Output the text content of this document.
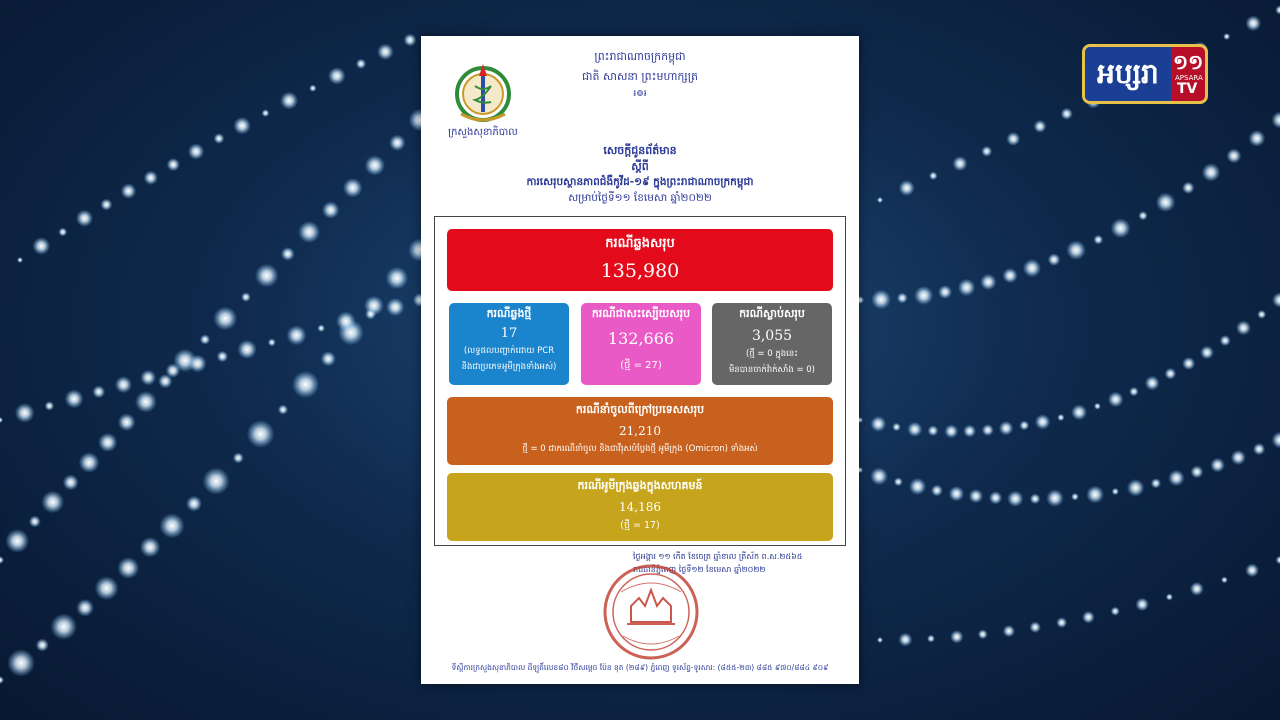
អប្សរា ១១
APSARA
TV
ក្រសួងសុខាភិបាល
ព្រះរាជាណាចក្រកម្ពុជា
ជាតិ សាសនា ព្រះមហាក្សត្រ
៛៙៛
សេចក្តីជូនព័ត៌មាន
ស្តីពី
ការសេរុបស្ថានភាពជំងឺកូវីដ-១៩ ក្នុងព្រះរាជាណាចក្រកម្ពុជា
សម្រាប់ថ្ងៃទី១១ ខែមេសា ឆ្នាំ២០២២
ករណីឆ្លងសរុប
135,980
ករណីឆ្លងថ្មី
17
(លទ្ធផលបញ្ជាក់ដោយ PCR
និងជាប្រភេទអូមីក្រុងទាំងអស់)
ករណីជាសះស្បើយសរុប
132,666
(ថ្មី = 27)
ករណីស្លាប់សរុប
3,055
(ថ្មី = 0 ក្នុងនេះ
មិនបានចាក់វ៉ាក់សាំង = 0)
ករណីនាំចូលពីក្រៅប្រទេសសរុប
21,210
ថ្មី = 0 ជាករណីនាំចូល និងជាវីរុសបំប្លែងថ្មី អូមីក្រុង (Omicron) ទាំងអស់
ករណីអូមីក្រុងឆ្លងក្នុងសហគមន៍
14,186
(ថ្មី = 17)
ថ្ងៃអង្គារ ១១ កើត ខែចេត្រ ឆ្នាំខាល ត្រីស័ក ព.ស.២៥៦៥
រាជធានីភ្នំពេញ ថ្ងៃទី១២ ខែមេសា ឆ្នាំ២០២២
ទីស្តីការក្រសួងសុខាភិបាល ដីឡូតិ៍លេខ៨០ វិថីសម្តេច ប៉ែន នុត (២៨៩) ភ្នំពេញ ទូរស័ព្ទ-ទូរសារ: (៨៥៥-២៣) ៨៨៥ ៩៧០/៨៨៤ ៩០៩
